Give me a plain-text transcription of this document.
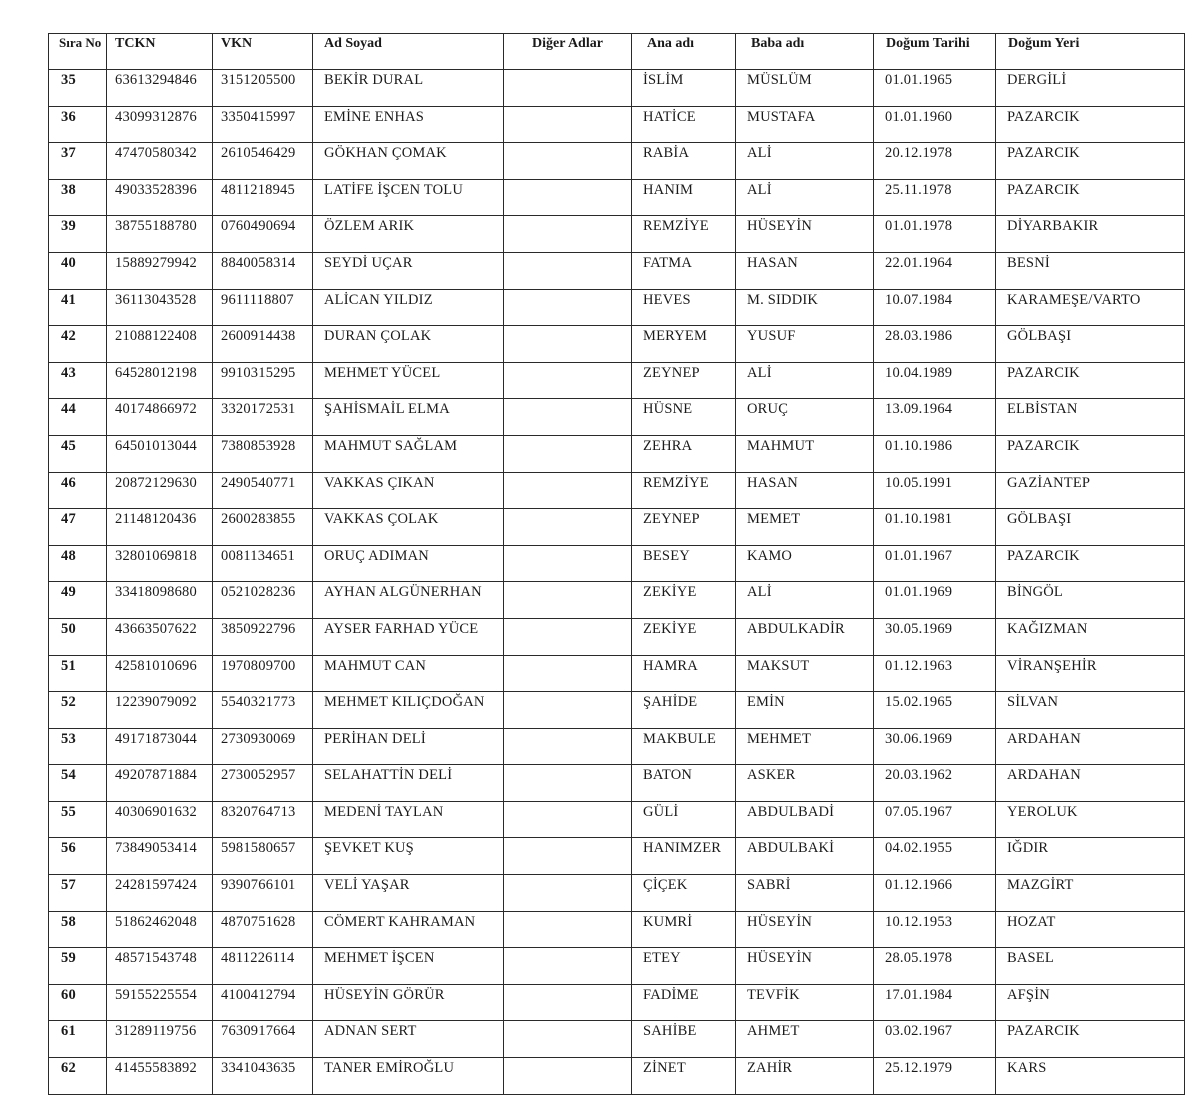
Sıra No	TCKN	VKN	Ad Soyad	Diğer Adlar	Ana adı	Baba adı	Doğum Tarihi	Doğum Yeri
35	63613294846	3151205500	BEKİR DURAL		İSLİM	MÜSLÜM	01.01.1965	DERGİLİ
36	43099312876	3350415997	EMİNE ENHAS		HATİCE	MUSTAFA	01.01.1960	PAZARCIK
37	47470580342	2610546429	GÖKHAN ÇOMAK		RABİA	ALİ	20.12.1978	PAZARCIK
38	49033528396	4811218945	LATİFE İŞCEN TOLU		HANIM	ALİ	25.11.1978	PAZARCIK
39	38755188780	0760490694	ÖZLEM ARIK		REMZİYE	HÜSEYİN	01.01.1978	DİYARBAKIR
40	15889279942	8840058314	SEYDİ UÇAR		FATMA	HASAN	22.01.1964	BESNİ
41	36113043528	9611118807	ALİCAN YILDIZ		HEVES	M. SIDDIK	10.07.1984	KARAMEŞE/VARTO
42	21088122408	2600914438	DURAN ÇOLAK		MERYEM	YUSUF	28.03.1986	GÖLBAŞI
43	64528012198	9910315295	MEHMET YÜCEL		ZEYNEP	ALİ	10.04.1989	PAZARCIK
44	40174866972	3320172531	ŞAHİSMAİL ELMA		HÜSNE	ORUÇ	13.09.1964	ELBİSTAN
45	64501013044	7380853928	MAHMUT SAĞLAM		ZEHRA	MAHMUT	01.10.1986	PAZARCIK
46	20872129630	2490540771	VAKKAS ÇIKAN		REMZİYE	HASAN	10.05.1991	GAZİANTEP
47	21148120436	2600283855	VAKKAS ÇOLAK		ZEYNEP	MEMET	01.10.1981	GÖLBAŞI
48	32801069818	0081134651	ORUÇ ADIMAN		BESEY	KAMO	01.01.1967	PAZARCIK
49	33418098680	0521028236	AYHAN ALGÜNERHAN		ZEKİYE	ALİ	01.01.1969	BİNGÖL
50	43663507622	3850922796	AYSER FARHAD YÜCE		ZEKİYE	ABDULKADİR	30.05.1969	KAĞIZMAN
51	42581010696	1970809700	MAHMUT CAN		HAMRA	MAKSUT	01.12.1963	VİRANŞEHİR
52	12239079092	5540321773	MEHMET KILIÇDOĞAN		ŞAHİDE	EMİN	15.02.1965	SİLVAN
53	49171873044	2730930069	PERİHAN DELİ		MAKBULE	MEHMET	30.06.1969	ARDAHAN
54	49207871884	2730052957	SELAHATTİN DELİ		BATON	ASKER	20.03.1962	ARDAHAN
55	40306901632	8320764713	MEDENİ TAYLAN		GÜLİ	ABDULBADİ	07.05.1967	YEROLUK
56	73849053414	5981580657	ŞEVKET KUŞ		HANIMZER	ABDULBAKİ	04.02.1955	IĞDIR
57	24281597424	9390766101	VELİ YAŞAR		ÇİÇEK	SABRİ	01.12.1966	MAZGİRT
58	51862462048	4870751628	CÖMERT KAHRAMAN		KUMRİ	HÜSEYİN	10.12.1953	HOZAT
59	48571543748	4811226114	MEHMET İŞCEN		ETEY	HÜSEYİN	28.05.1978	BASEL
60	59155225554	4100412794	HÜSEYİN GÖRÜR		FADİME	TEVFİK	17.01.1984	AFŞİN
61	31289119756	7630917664	ADNAN SERT		SAHİBE	AHMET	03.02.1967	PAZARCIK
62	41455583892	3341043635	TANER EMİROĞLU		ZİNET	ZAHİR	25.12.1979	KARS
